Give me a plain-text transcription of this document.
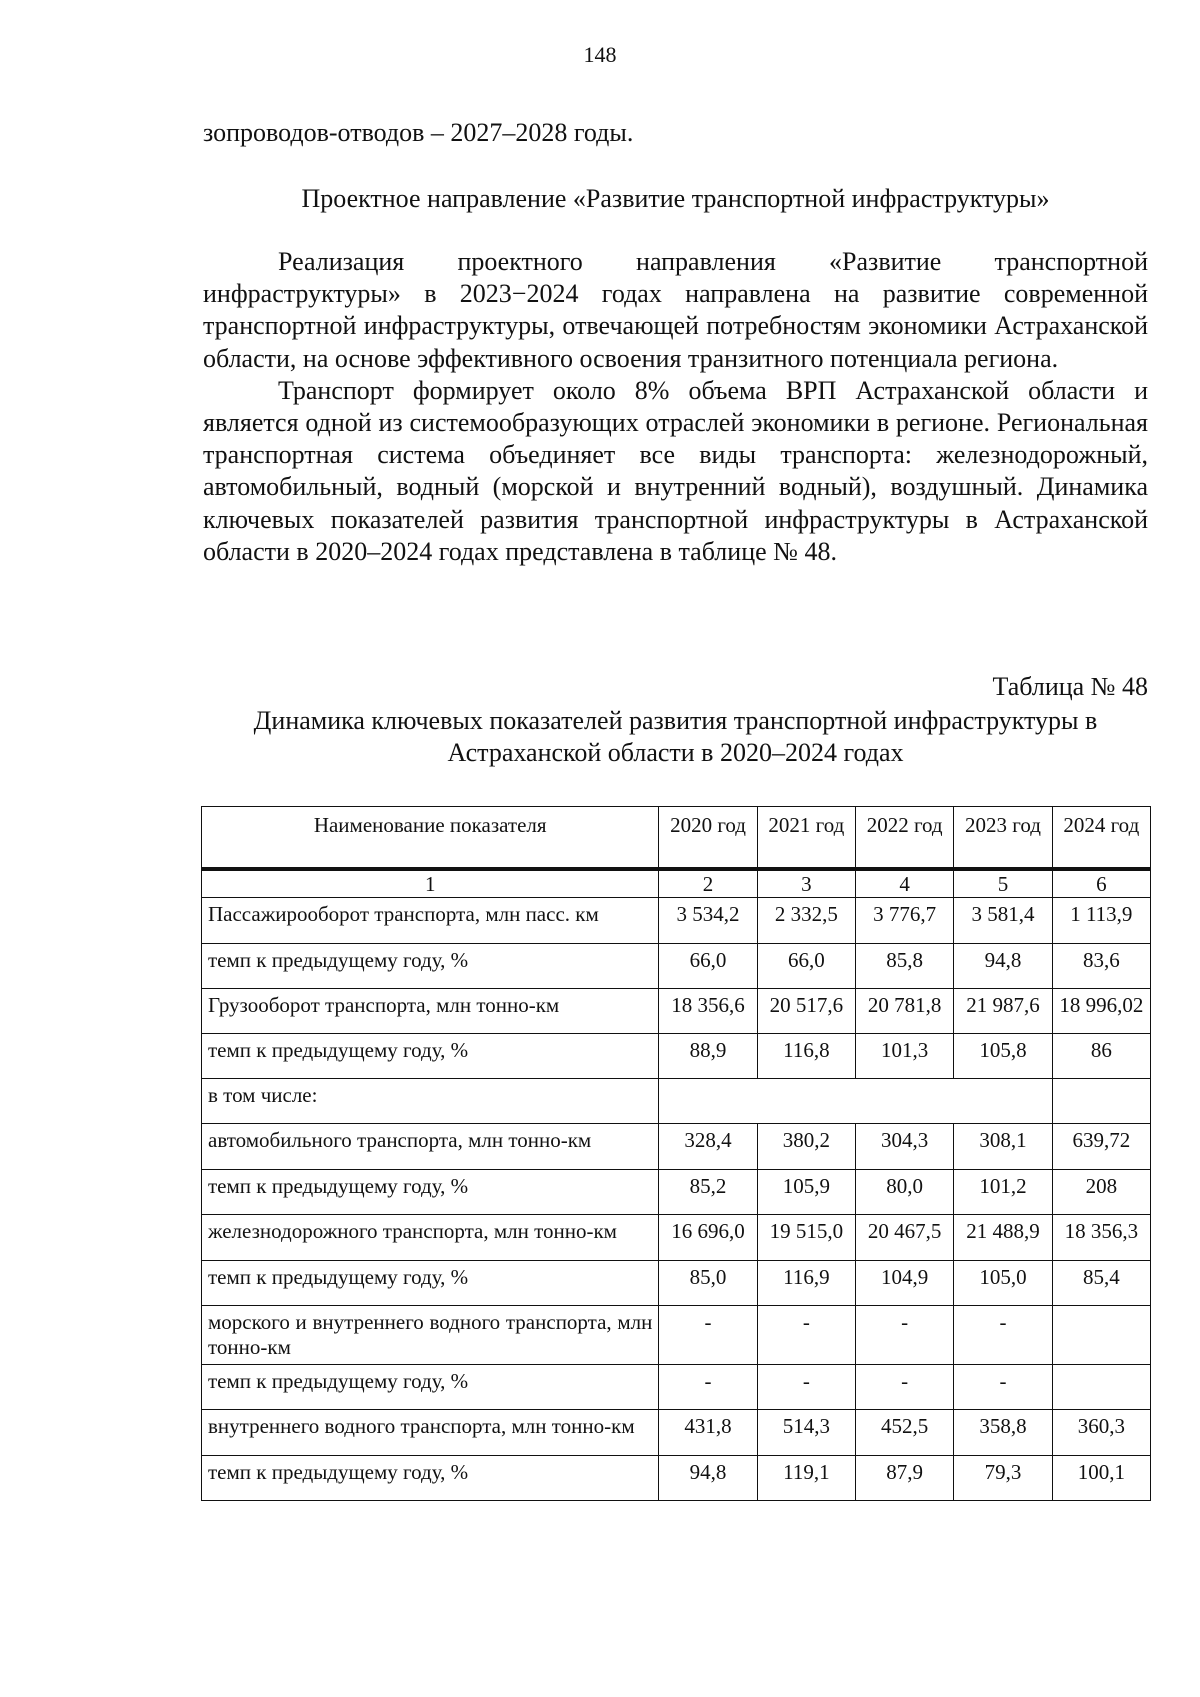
148
зопроводов-отводов – 2027–2028 годы.
Проектное направление «Развитие транспортной инфраструктуры»

Реализация проектного направления «Развитие транспортной инфраструктуры» в 2023−2024 годах направлена на развитие современной транспортной инфраструктуры, отвечающей потребностям экономики Астраханской области, на основе эффективного освоения транзитного потенциала региона.

Транспорт формирует около 8% объема ВРП Астраханской области и является одной из системообразующих отраслей экономики в регионе. Региональная транспортная система объединяет все виды транспорта: железнодорожный, автомобильный, водный (морской и внутренний водный), воздушный. Динамика ключевых показателей развития транспортной инфраструктуры в Астраханской области в 2020–2024 годах представлена в таблице № 48.

Таблица № 48
Динамика ключевых показателей развития транспортной инфраструктуры в Астраханской области в 2020–2024 годах
Наименование показателя	2020 год	2021 год	2022 год	2023 год	2024 год
1	2	3	4	5	6
Пассажирооборот транспорта, млн пасс. км	3 534,2	2 332,5	3 776,7	3 581,4	1 113,9
темп к предыдущему году, %	66,0	66,0	85,8	94,8	83,6
Грузооборот транспорта, млн тонно-км	18 356,6	20 517,6	20 781,8	21 987,6	18 996,02
темп к предыдущему году, %	88,9	116,8	101,3	105,8	86
в том числе:					
автомобильного транспорта, млн тонно-км	328,4	380,2	304,3	308,1	639,72
темп к предыдущему году, %	85,2	105,9	80,0	101,2	208
железнодорожного транспорта, млн тонно-км	16 696,0	19 515,0	20 467,5	21 488,9	18 356,3
темп к предыдущему году, %	85,0	116,9	104,9	105,0	85,4
морского и внутреннего водного транспорта, млн тонно-км	-	-	-	-	
темп к предыдущему году, %	-	-	-	-	
внутреннего водного транспорта, млн тонно-км	431,8	514,3	452,5	358,8	360,3
темп к предыдущему году, %	94,8	119,1	87,9	79,3	100,1
